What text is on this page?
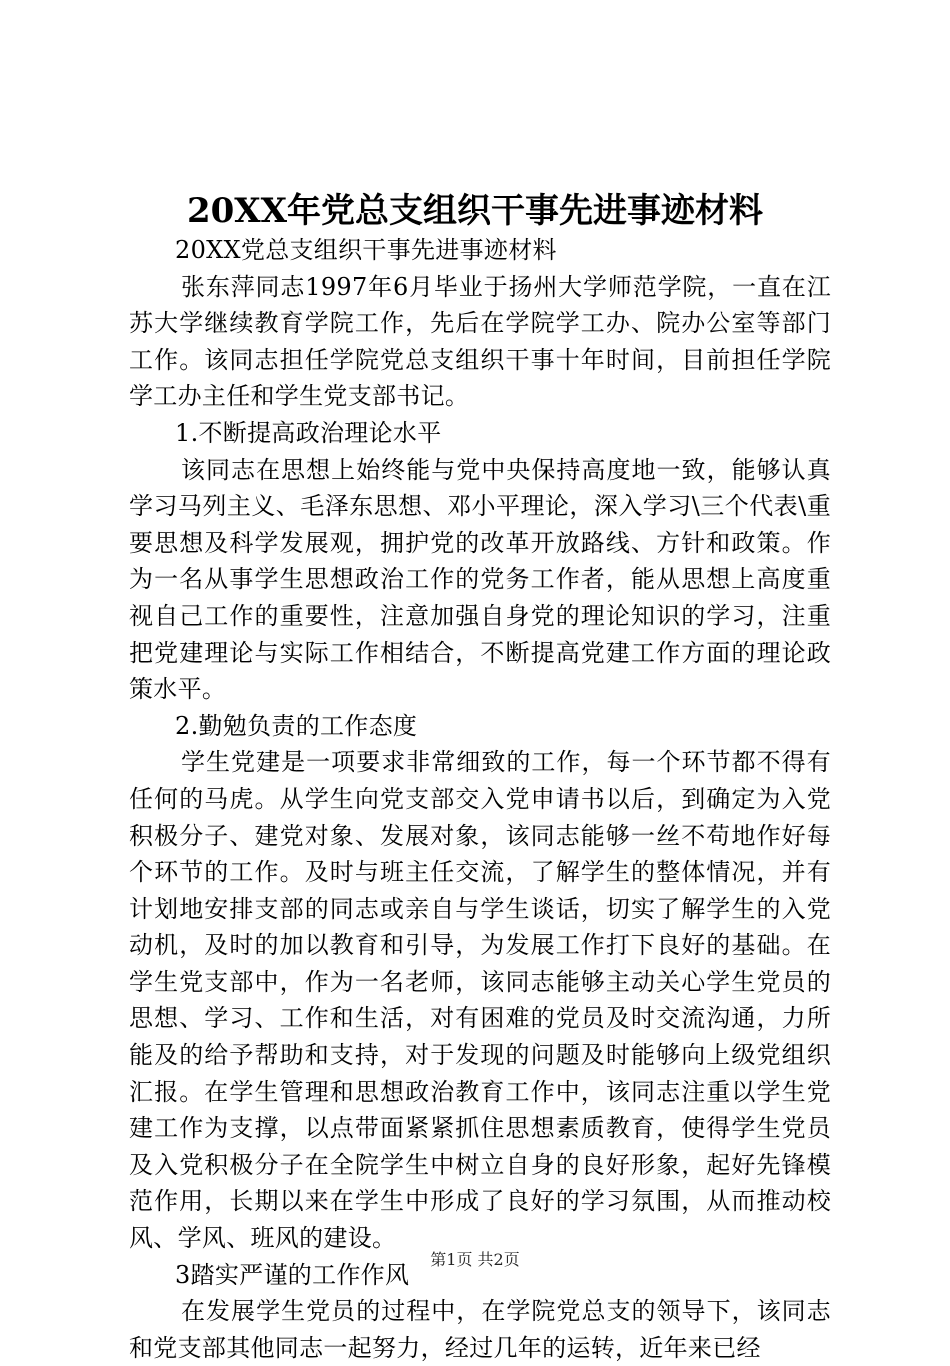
20XX年党总支组织干事先进事迹材料

20XX党总支组织干事先进事迹材料

张东萍同志1997年6月毕业于扬州大学师范学院，一直在江苏大学继续教育学院工作，先后在学院学工办、院办公室等部门工作。该同志担任学院党总支组织干事十年时间，目前担任学院学工办主任和学生党支部书记。

1.不断提高政治理论水平

该同志在思想上始终能与党中央保持高度地一致，能够认真学习马列主义、毛泽东思想、邓小平理论，深入学习\三个代表\重要思想及科学发展观，拥护党的改革开放路线、方针和政策。作为一名从事学生思想政治工作的党务工作者，能从思想上高度重视自己工作的重要性，注意加强自身党的理论知识的学习，注重把党建理论与实际工作相结合，不断提高党建工作方面的理论政策水平。

2.勤勉负责的工作态度

学生党建是一项要求非常细致的工作，每一个环节都不得有任何的马虎。从学生向党支部交入党申请书以后，到确定为入党积极分子、建党对象、发展对象，该同志能够一丝不苟地作好每个环节的工作。及时与班主任交流，了解学生的整体情况，并有计划地安排支部的同志或亲自与学生谈话，切实了解学生的入党动机，及时的加以教育和引导，为发展工作打下良好的基础。在学生党支部中，作为一名老师，该同志能够主动关心学生党员的思想、学习、工作和生活，对有困难的党员及时交流沟通，力所能及的给予帮助和支持，对于发现的问题及时能够向上级党组织汇报。在学生管理和思想政治教育工作中，该同志注重以学生党建工作为支撑，以点带面紧紧抓住思想素质教育，使得学生党员及入党积极分子在全院学生中树立自身的良好形象，起好先锋模范作用，长期以来在学生中形成了良好的学习氛围，从而推动校风、学风、班风的建设。

3踏实严谨的工作作风

在发展学生党员的过程中，在学院党总支的领导下，该同志和党支部其他同志一起努力，经过几年的运转，近年来已经

第1页 共2页
